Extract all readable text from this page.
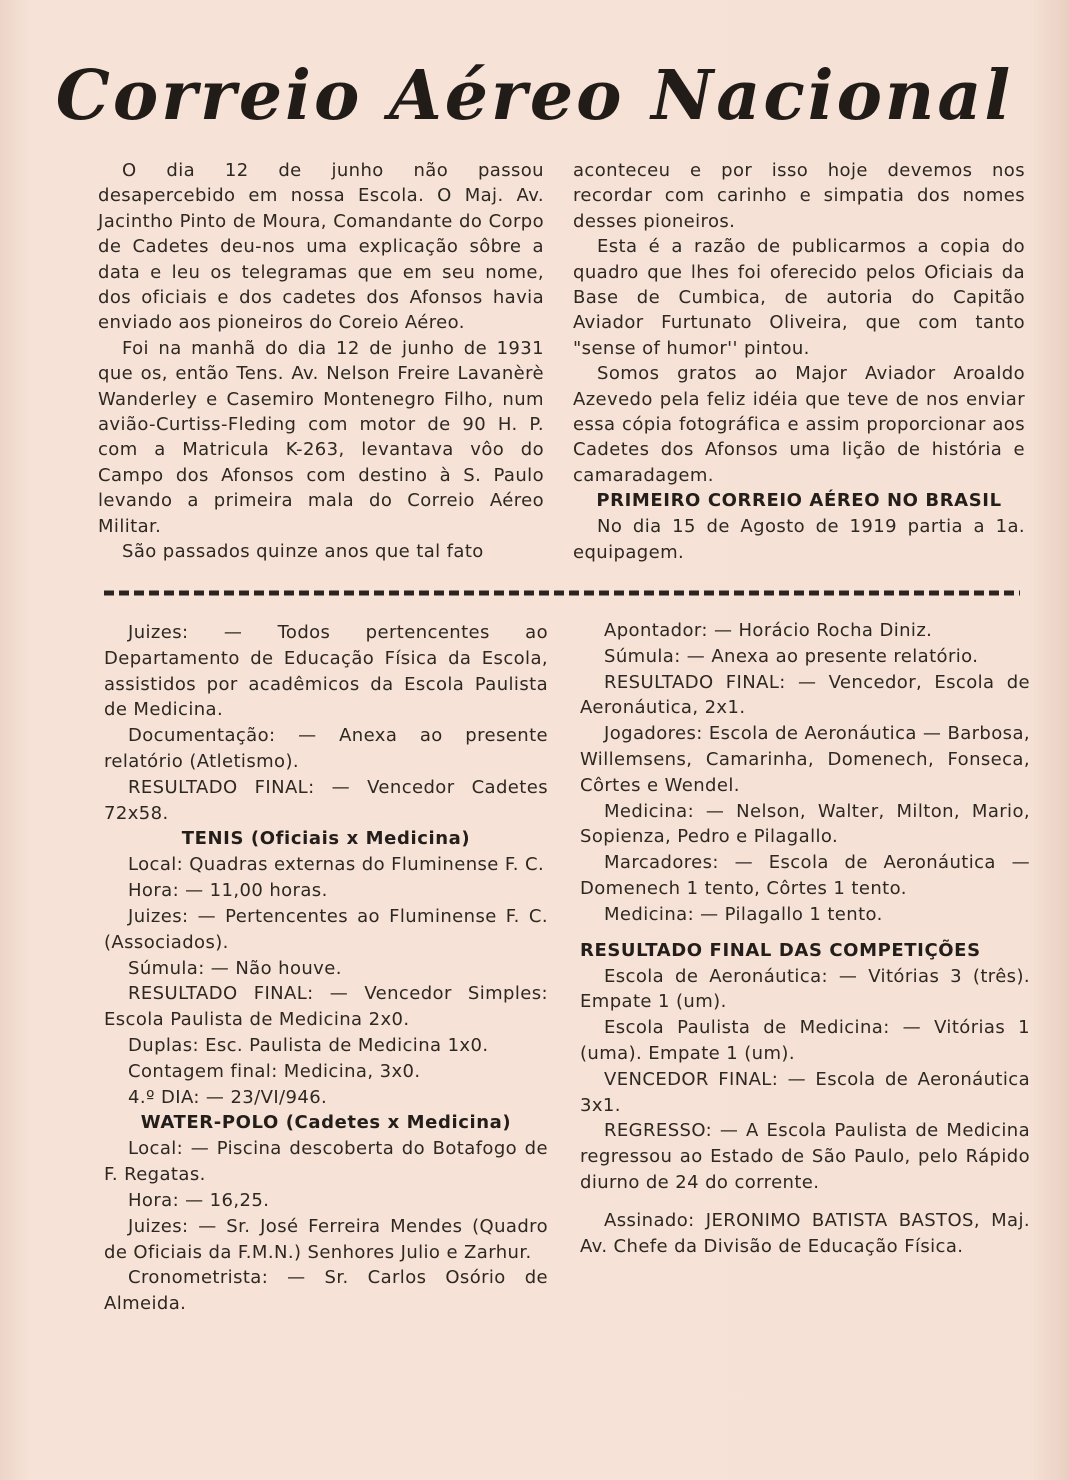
Correio Aéreo Nacional

O dia 12 de junho não passou desapercebido em nossa Escola. O Maj. Av. Jacintho Pinto de Moura, Comandante do Corpo de Cadetes deu-nos uma explicação sôbre a data e leu os telegramas que em seu nome, dos oficiais e dos cadetes dos Afonsos havia enviado aos pioneiros do Coreio Aéreo.

Foi na manhã do dia 12 de junho de 1931 que os, então Tens. Av. Nelson Freire Lavanèrè Wanderley e Casemiro Montenegro Filho, num avião-Curtiss-Fleding com motor de 90 H. P. com a Matricula K-263, levantava vôo do Campo dos Afonsos com destino à S. Paulo levando a primeira mala do Correio Aéreo Militar.

São passados quinze anos que tal fato

aconteceu e por isso hoje devemos nos recordar com carinho e simpatia dos nomes desses pioneiros.

Esta é a razão de publicarmos a copia do quadro que lhes foi oferecido pelos Oficiais da Base de Cumbica, de autoria do Capitão Aviador Furtunato Oliveira, que com tanto "sense of humor'' pintou.

Somos gratos ao Major Aviador Aroaldo Azevedo pela feliz idéia que teve de nos enviar essa cópia fotográfica e assim proporcionar aos Cadetes dos Afonsos uma lição de história e camaradagem.

PRIMEIRO CORREIO AÉREO NO BRASIL

No dia 15 de Agosto de 1919 partia a 1a. equipagem.

Juizes: — Todos pertencentes ao Departamento de Educação Física da Escola, assistidos por acadêmicos da Escola Paulista de Medicina.

Documentação: — Anexa ao presente relatório (Atletismo).

RESULTADO FINAL: — Vencedor Cadetes 72x58.

TENIS (Oficiais x Medicina)

Local: Quadras externas do Fluminense F. C.

Hora: — 11,00 horas.

Juizes: — Pertencentes ao Fluminense F. C. (Associados).

Súmula: — Não houve.

RESULTADO FINAL: — Vencedor Simples: Escola Paulista de Medicina 2x0.

Duplas: Esc. Paulista de Medicina 1x0.

Contagem final: Medicina, 3x0.

4.º DIA: — 23/VI/946.

WATER-POLO (Cadetes x Medicina)

Local: — Piscina descoberta do Botafogo de F. Regatas.

Hora: — 16,25.

Juizes: — Sr. José Ferreira Mendes (Quadro de Oficiais da F.M.N.) Senhores Julio e Zarhur.

Cronometrista: — Sr. Carlos Osório de Almeida.

Apontador: — Horácio Rocha Diniz.

Súmula: — Anexa ao presente relatório.

RESULTADO FINAL: — Vencedor, Escola de Aeronáutica, 2x1.

Jogadores: Escola de Aeronáutica — Barbosa, Willemsens, Camarinha, Domenech, Fonseca, Côrtes e Wendel.

Medicina: — Nelson, Walter, Milton, Mario, Sopienza, Pedro e Pilagallo.

Marcadores: — Escola de Aeronáutica — Domenech 1 tento, Côrtes 1 tento.

Medicina: — Pilagallo 1 tento.

RESULTADO FINAL DAS COMPETIÇÕES

Escola de Aeronáutica: — Vitórias 3 (três). Empate 1 (um).

Escola Paulista de Medicina: — Vitórias 1 (uma). Empate 1 (um).

VENCEDOR FINAL: — Escola de Aeronáutica 3x1.

REGRESSO: — A Escola Paulista de Medicina regressou ao Estado de São Paulo, pelo Rápido diurno de 24 do corrente.

Assinado: JERONIMO BATISTA BASTOS, Maj. Av. Chefe da Divisão de Educação Física.
